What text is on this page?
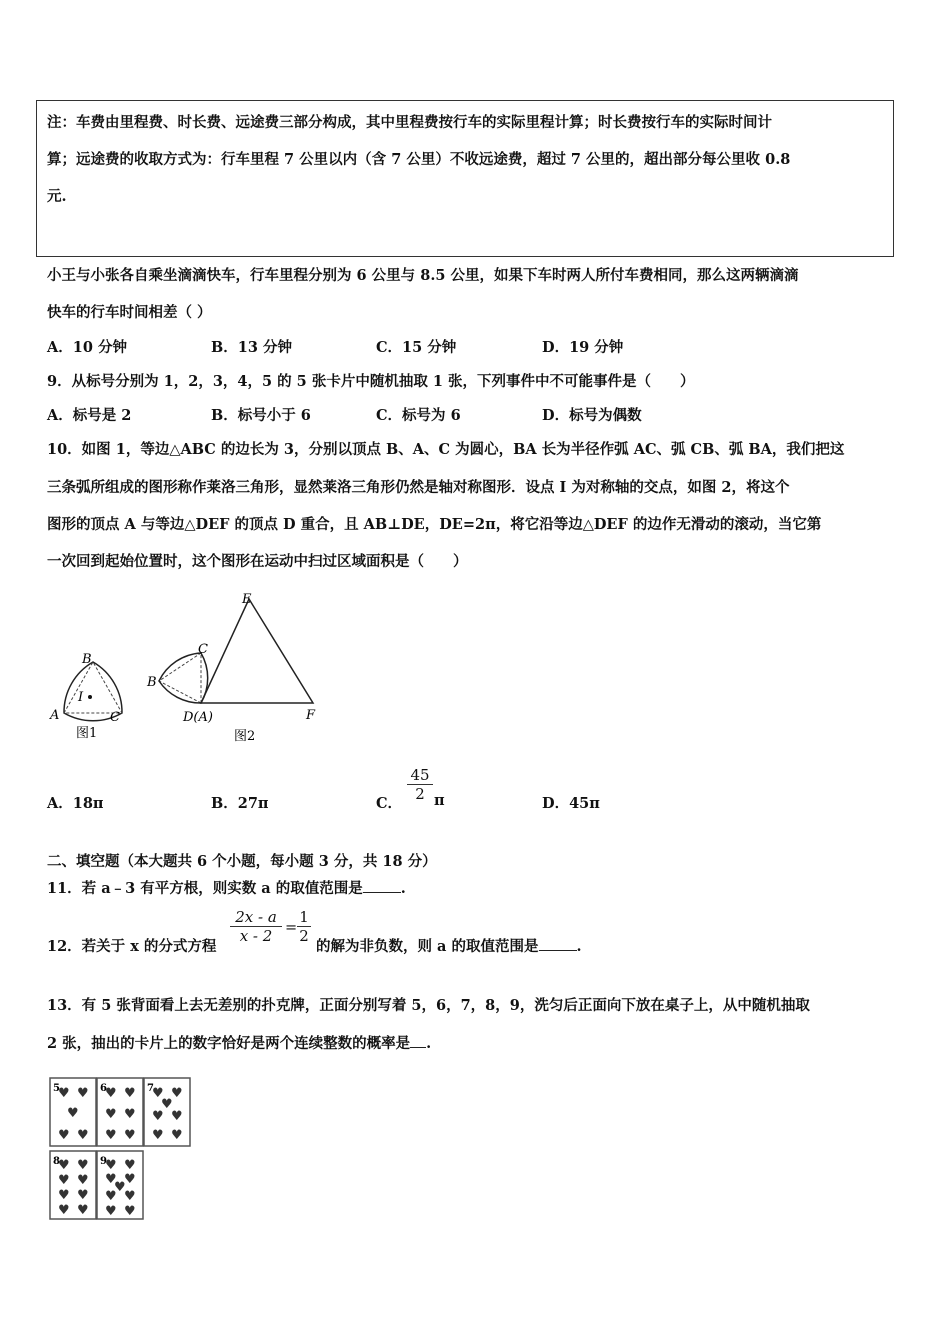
注：车费由里程费、时长费、远途费三部分构成，其中里程费按行车的实际里程计算；时长费按行车的实际时间计
算；远途费的收取方式为：行车里程 7 公里以内（含 7 公里）不收远途费，超过 7 公里的，超出部分每公里收 0.8
元.
小王与小张各自乘坐滴滴快车，行车里程分别为 6 公里与 8.5 公里，如果下车时两人所付车费相同，那么这两辆滴滴
快车的行车时间相差（ ）
A．10 分钟	B．13 分钟	C．15 分钟	D．19 分钟
9．从标号分别为 1，2，3，4，5 的 5 张卡片中随机抽取 1 张，下列事件中不可能事件是（　　）
A．标号是 2	B．标号小于 6	C．标号为 6	D．标号为偶数
10．如图 1，等边△ABC 的边长为 3，分别以顶点 B、A、C 为圆心，BA 长为半径作弧 AC、弧 CB、弧 BA，我们把这
三条弧所组成的图形称作莱洛三角形，显然莱洛三角形仍然是轴对称图形．设点 I 为对称轴的交点，如图 2，将这个
图形的顶点 A 与等边△DEF 的顶点 D 重合，且 AB⊥DE，DE=2π，将它沿等边△DEF 的边作无滑动的滚动，当它第
一次回到起始位置时，这个图形在运动中扫过区域面积是（　　）
B
I
A	C
图1
E
C
B
D(A)	F
图2
A．18π	B．27π	C．
45
2 π	D．45π
二、填空题（本大题共 6 个小题，每小题 3 分，共 18 分）
11．若 a﹣3 有平方根，则实数 a 的取值范围是	.
12．若关于 x 的分式方程
2x - a
x - 2 =
1
2
的解为非负数，则 a 的取值范围是	.
13．有 5 张背面看上去无差别的扑克牌，正面分别写着 5，6，7，8，9，洗匀后正面向下放在桌子上，从中随机抽取
2 张，抽出的卡片上的数字恰好是两个连续整数的概率是 .
5
♥ ♥
♥
♥ ♥
6
♥ ♥
♥ ♥
♥ ♥
7
♥ ♥
♥
♥ ♥
♥ ♥
8
♥ ♥
♥ ♥
♥ ♥
♥ ♥
9
♥ ♥
♥ ♥
♥
♥ ♥
♥ ♥
